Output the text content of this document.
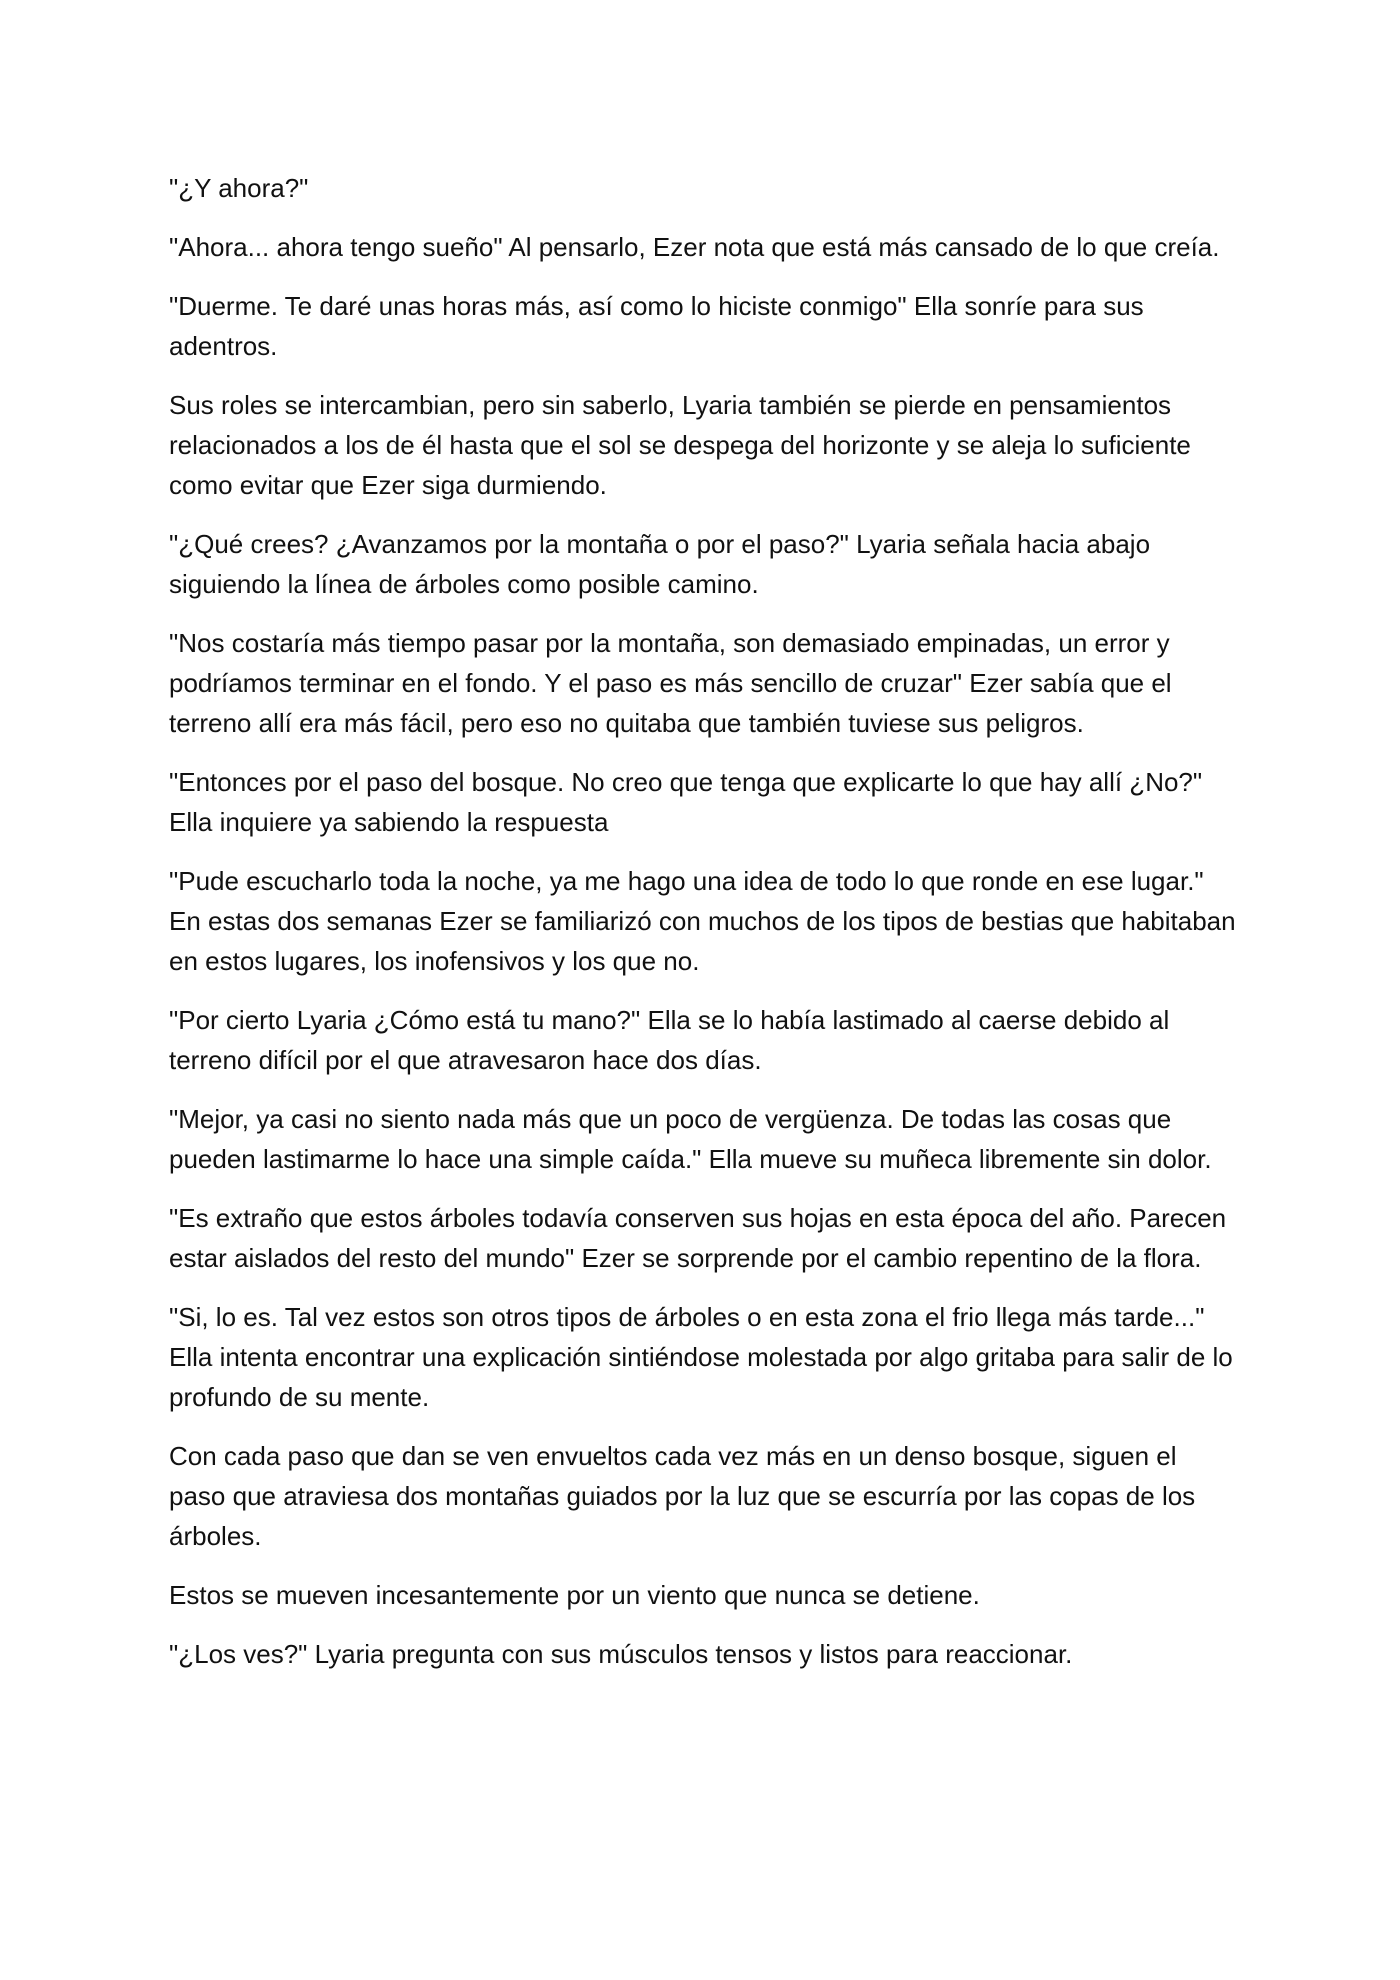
"¿Y ahora?"

"Ahora... ahora tengo sueño" Al pensarlo, Ezer nota que está más cansado de lo que creía.

"Duerme. Te daré unas horas más, así como lo hiciste conmigo" Ella sonríe para sus adentros.

Sus roles se intercambian, pero sin saberlo, Lyaria también se pierde en pensamientos relacionados a los de él hasta que el sol se despega del horizonte y se aleja lo suficiente como evitar que Ezer siga durmiendo.

"¿Qué crees? ¿Avanzamos por la montaña o por el paso?" Lyaria señala hacia abajo siguiendo la línea de árboles como posible camino.

"Nos costaría más tiempo pasar por la montaña, son demasiado empinadas, un error y podríamos terminar en el fondo. Y el paso es más sencillo de cruzar" Ezer sabía que el terreno allí era más fácil, pero eso no quitaba que también tuviese sus peligros.

"Entonces por el paso del bosque. No creo que tenga que explicarte lo que hay allí ¿No?" Ella inquiere ya sabiendo la respuesta

"Pude escucharlo toda la noche, ya me hago una idea de todo lo que ronde en ese lugar." En estas dos semanas Ezer se familiarizó con muchos de los tipos de bestias que habitaban en estos lugares, los inofensivos y los que no.

"Por cierto Lyaria ¿Cómo está tu mano?" Ella se lo había lastimado al caerse debido al terreno difícil por el que atravesaron hace dos días.

"Mejor, ya casi no siento nada más que un poco de vergüenza. De todas las cosas que pueden lastimarme lo hace una simple caída." Ella mueve su muñeca libremente sin dolor.

"Es extraño que estos árboles todavía conserven sus hojas en esta época del año. Parecen estar aislados del resto del mundo" Ezer se sorprende por el cambio repentino de la flora.

"Si, lo es. Tal vez estos son otros tipos de árboles o en esta zona el frio llega más tarde..." Ella intenta encontrar una explicación sintiéndose molestada por algo gritaba para salir de lo profundo de su mente.

Con cada paso que dan se ven envueltos cada vez más en un denso bosque, siguen el paso que atraviesa dos montañas guiados por la luz que se escurría por las copas de los árboles.

Estos se mueven incesantemente por un viento que nunca se detiene.

"¿Los ves?" Lyaria pregunta con sus músculos tensos y listos para reaccionar.
